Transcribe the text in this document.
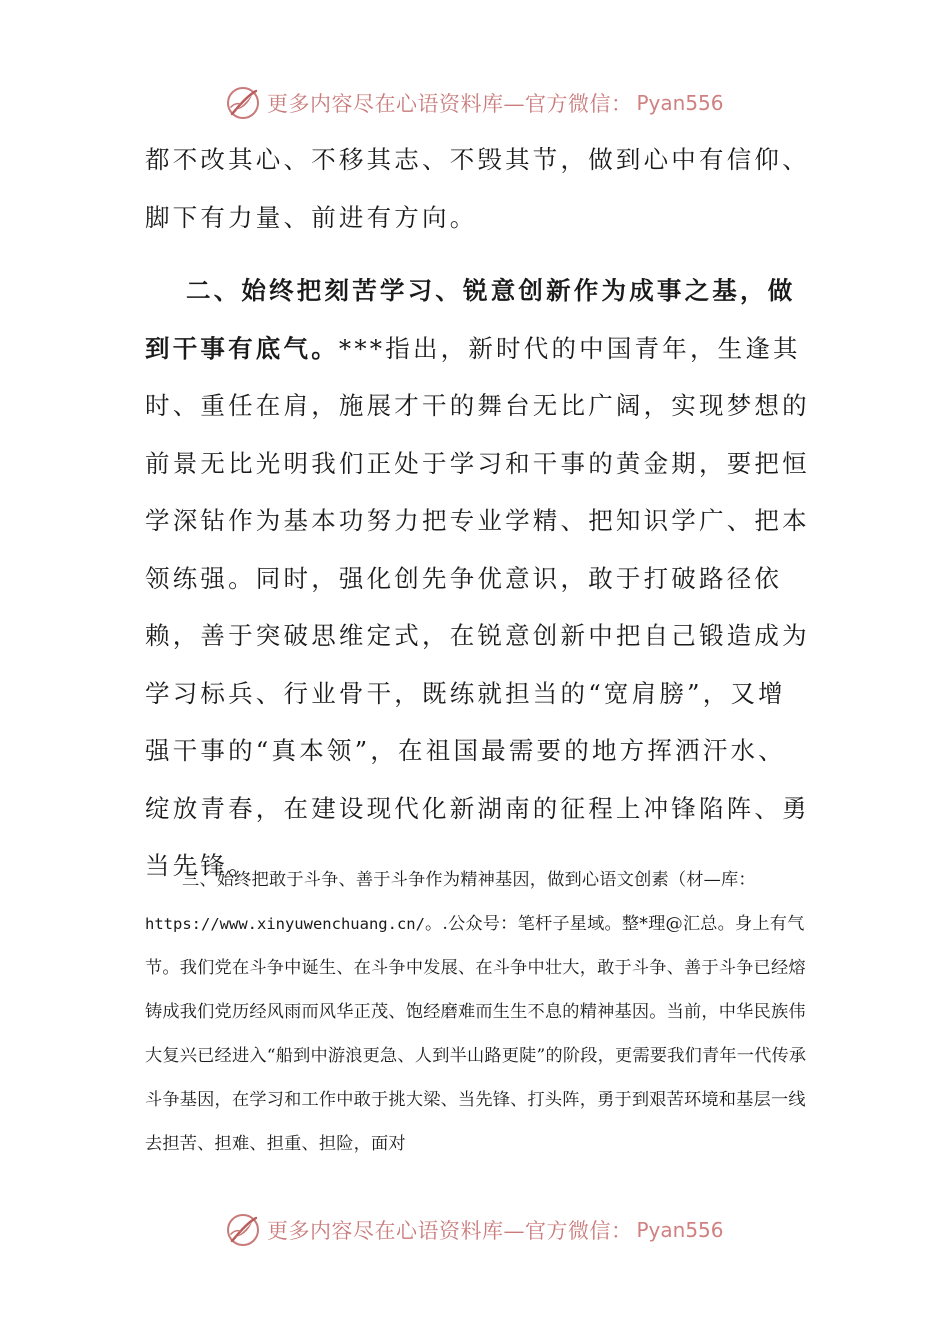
更多内容尽在心语资料库—官方微信： Pyan556

都不改其心、不移其志、不毁其节，做到心中有信仰、脚下有力量、前进有方向。

二、始终把刻苦学习、锐意创新作为成事之基，做到干事有底气。***指出，新时代的中国青年，生逢其时、重任在肩，施展才干的舞台无比广阔，实现梦想的前景无比光明我们正处于学习和干事的黄金期，要把恒学深钻作为基本功努力把专业学精、把知识学广、把本领练强。同时，强化创先争优意识，敢于打破路径依赖，善于突破思维定式，在锐意创新中把自己锻造成为学习标兵、行业骨干，既练就担当的“宽肩膀”，又增强干事的“真本领”，在祖国最需要的地方挥洒汗水、绽放青春，在建设现代化新湖南的征程上冲锋陷阵、勇当先锋。

三、始终把敢于斗争、善于斗争作为精神基因，做到心语文创素（材—库：https://www.xinyuwenchuang.cn/。.公众号：笔杆子星域。整*理@汇总。身上有气节。我们党在斗争中诞生、在斗争中发展、在斗争中壮大，敢于斗争、善于斗争已经熔铸成我们党历经风雨而风华正茂、饱经磨难而生生不息的精神基因。当前，中华民族伟大复兴已经进入“船到中游浪更急、人到半山路更陡”的阶段，更需要我们青年一代传承斗争基因，在学习和工作中敢于挑大梁、当先锋、打头阵，勇于到艰苦环境和基层一线去担苦、担难、担重、担险，面对

更多内容尽在心语资料库—官方微信： Pyan556
